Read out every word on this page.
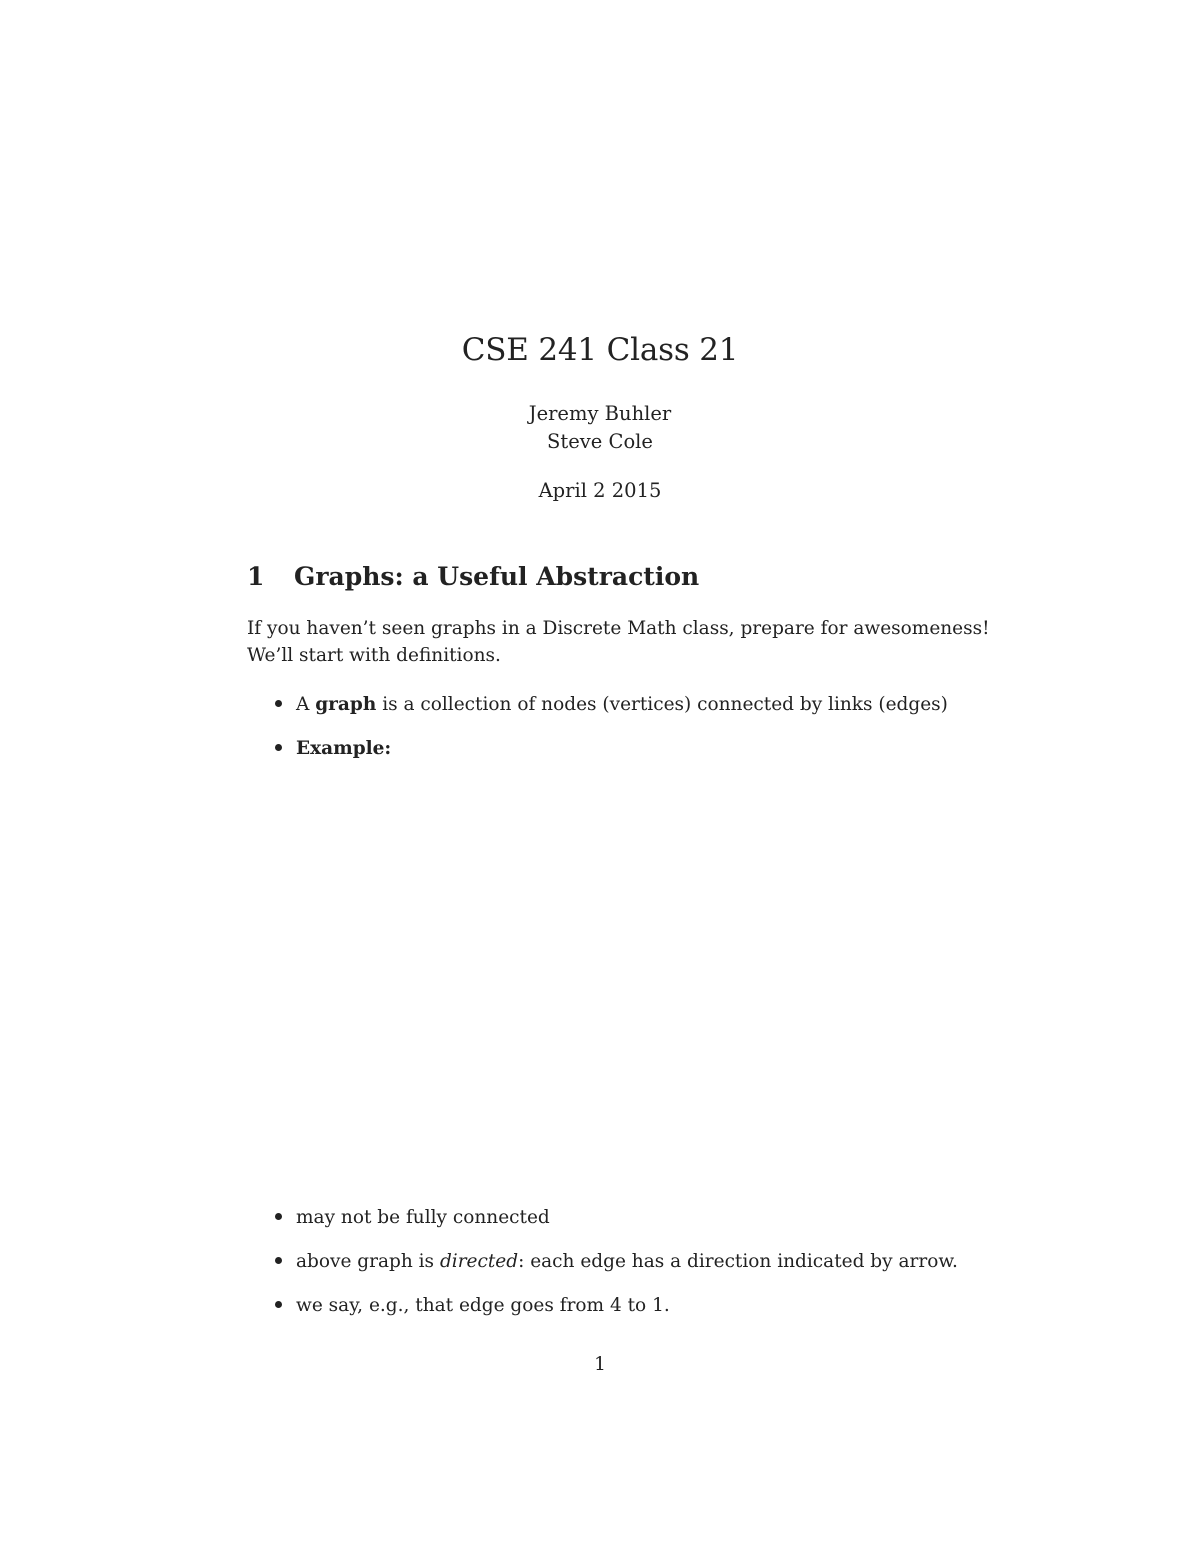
CSE 241 Class 21
Jeremy Buhler
Steve Cole
April 2 2015
1 Graphs: a Useful Abstraction

If you haven’t seen graphs in a Discrete Math class, prepare for awesomeness!

We’ll start with definitions.

A graph is a collection of nodes (vertices) connected by links (edges)
Example:
may not be fully connected
above graph is directed: each edge has a direction indicated by arrow.
we say, e.g., that edge goes from 4 to 1.
1
